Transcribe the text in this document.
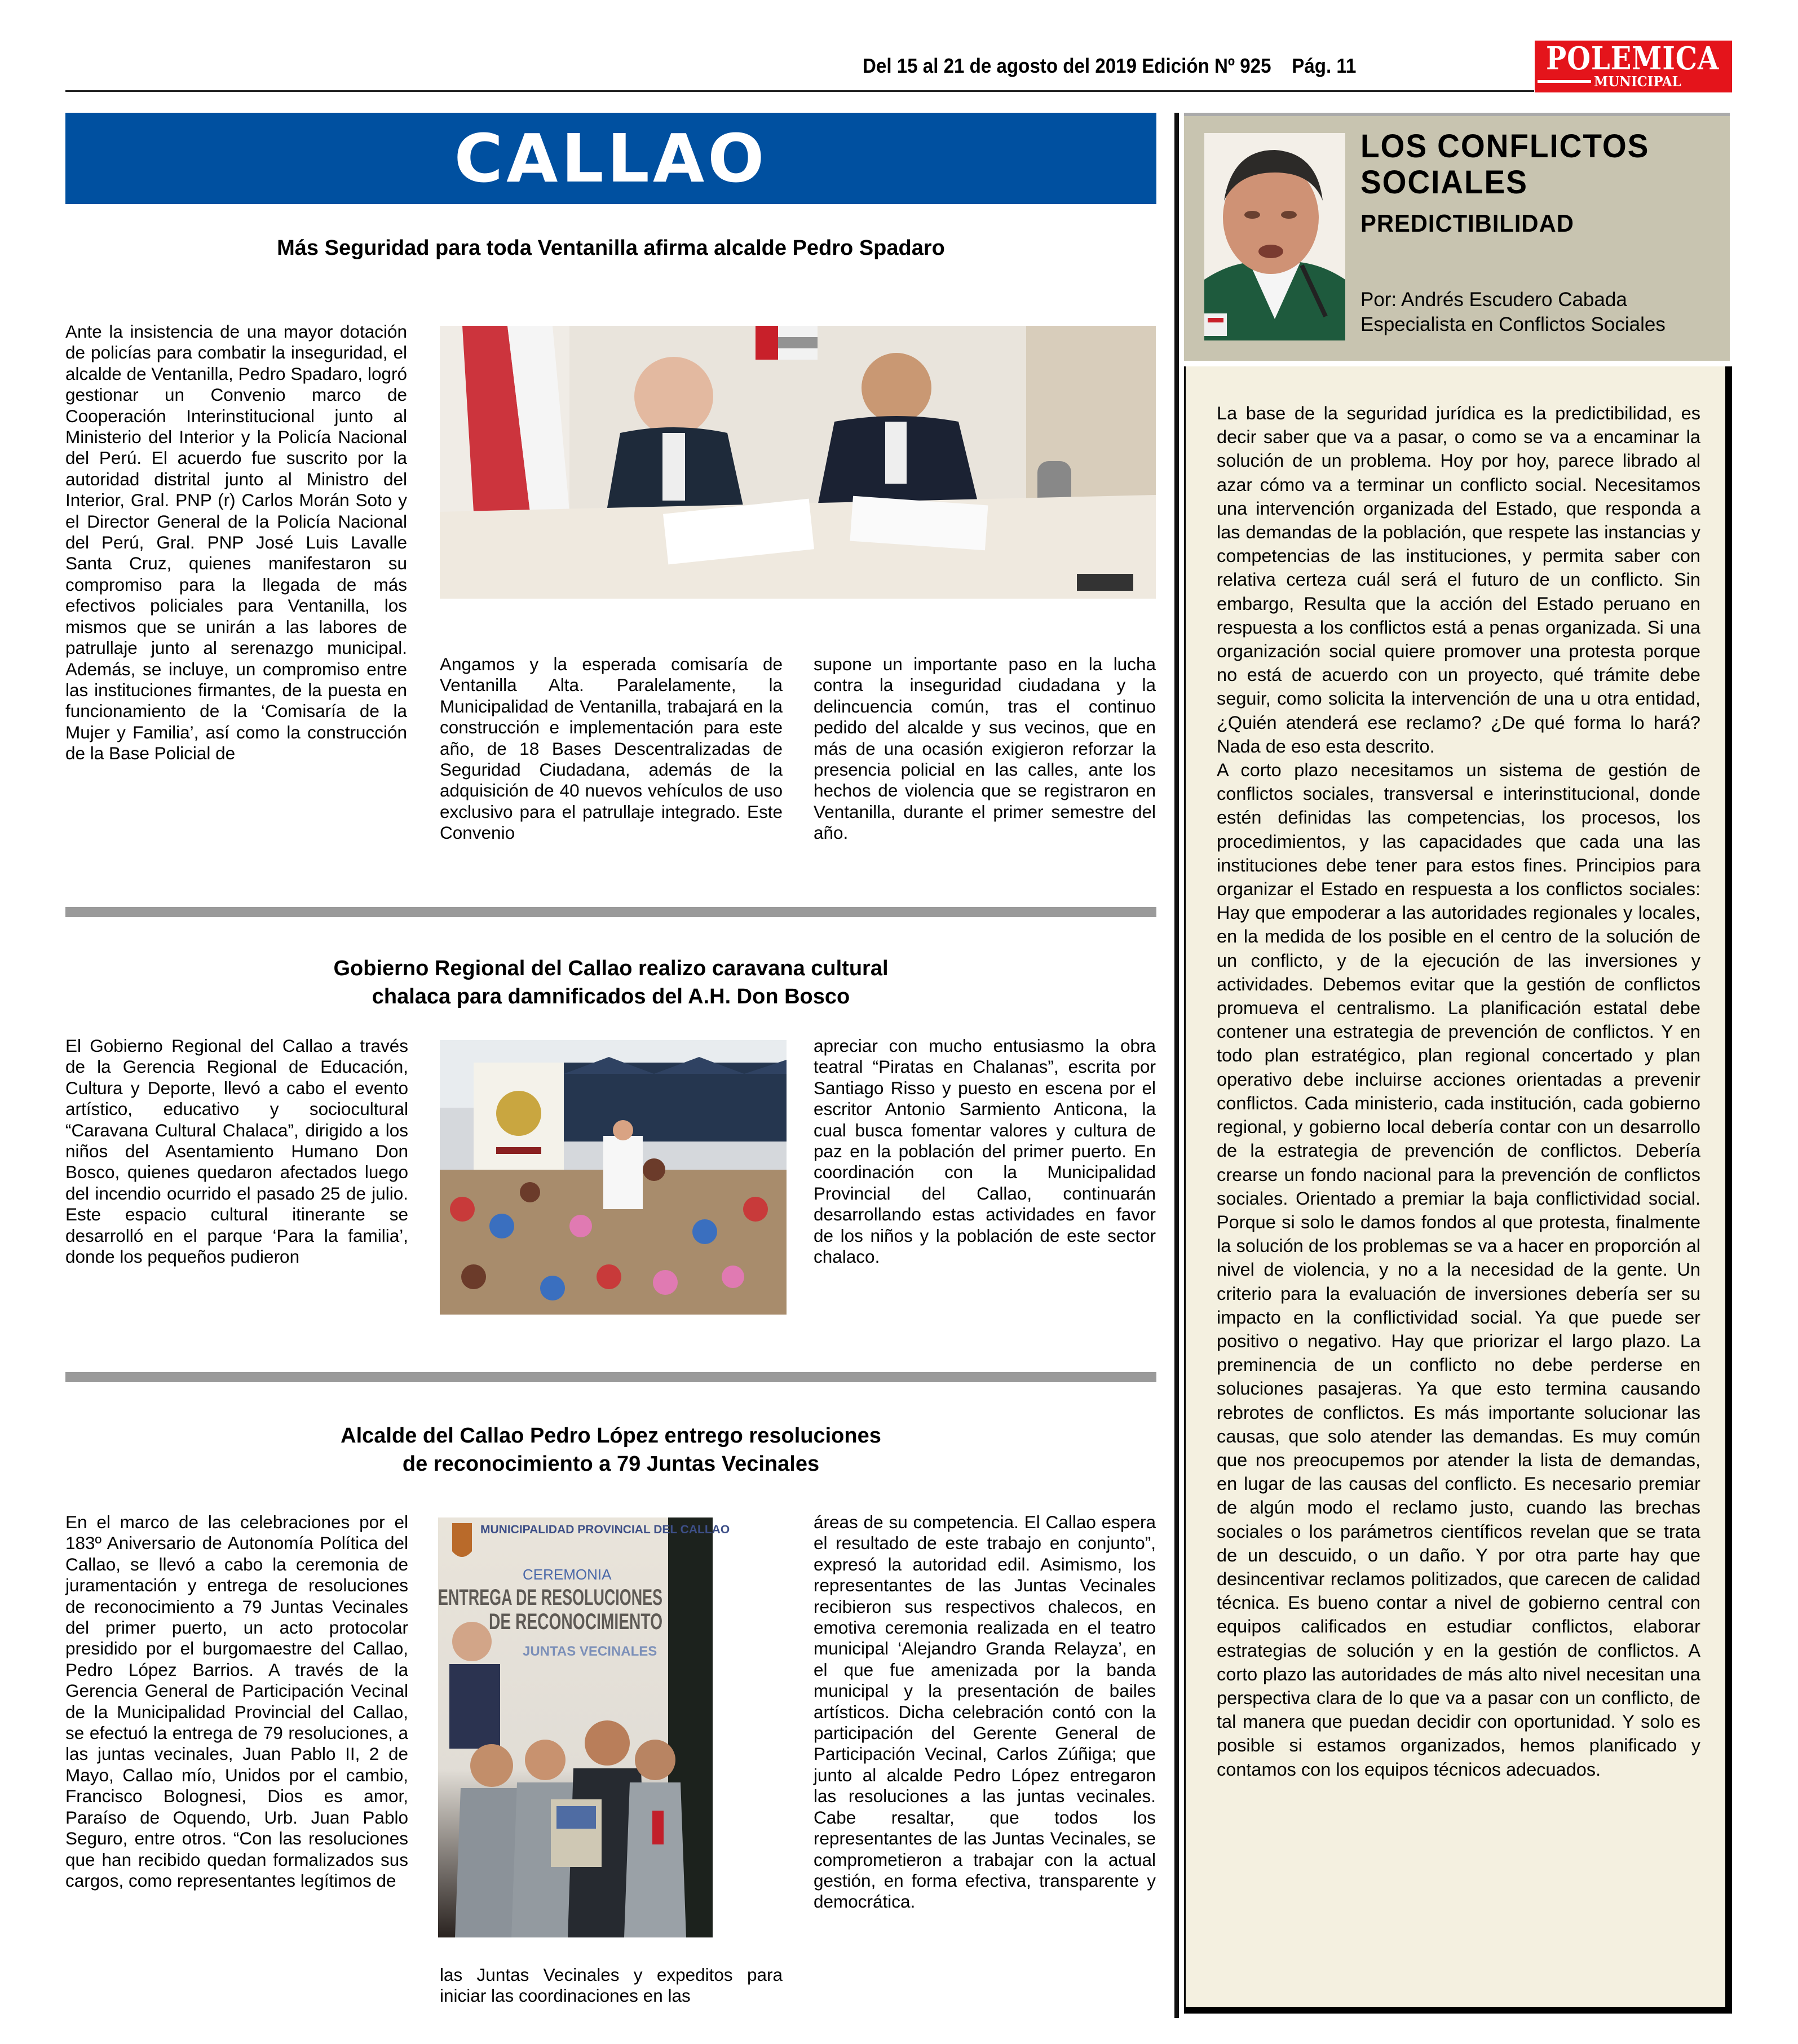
Del 15 al 21 de agosto del 2019 Edición Nº 925 Pág. 11	POLEMICA
MUNICIPAL
CALLAO
Más Seguridad para toda Ventanilla afirma alcalde Pedro Spadaro
Ante la insistencia de una mayor dotación de policías para combatir la inseguridad, el alcalde de Ventanilla, Pedro Spadaro, logró gestionar un Convenio marco de Cooperación Interinstitucional junto al Ministerio del Interior y la Policía Nacional del Perú. El acuerdo fue suscrito por la autoridad distrital junto al Ministro del Interior, Gral. PNP (r) Carlos Morán Soto y el Director General de la Policía Nacional del Perú, Gral. PNP José Luis Lavalle Santa Cruz, quienes manifestaron su compromiso para la llegada de más efectivos policiales para Ventanilla, los mismos que se unirán a las labores de patrullaje junto al serenazgo municipal. Además, se incluye, un compromiso entre las instituciones firmantes, de la puesta en funcionamiento de la ‘Comisaría de la Mujer y Familia’, así como la construcción de la Base Policial de
Angamos y la esperada comisaría de Ventanilla Alta. Paralelamente, la Municipalidad de Ventanilla, trabajará en la construcción e implementación para este año, de 18 Bases Descentralizadas de Seguridad Ciudadana, además de la adquisición de 40 nuevos vehículos de uso exclusivo para el patrullaje integrado. Este Convenio
supone un importante paso en la lucha contra la inseguridad ciudadana y la delincuencia común, tras el continuo pedido del alcalde y sus vecinos, que en más de una ocasión exigieron reforzar la presencia policial en las calles, ante los hechos de violencia que se registraron en Ventanilla, durante el primer semestre del año.
Gobierno Regional del Callao realizo caravana cultural
chalaca para damnificados del A.H. Don Bosco
El Gobierno Regional del Callao a través de la Gerencia Regional de Educación, Cultura y Deporte, llevó a cabo el evento artístico, educativo y sociocultural “Caravana Cultural Chalaca”, dirigido a los niños del Asentamiento Humano Don Bosco, quienes quedaron afectados luego del incendio ocurrido el pasado 25 de julio. Este espacio cultural itinerante se desarrolló en el parque ‘Para la familia’, donde los pequeños pudieron
apreciar con mucho entusiasmo la obra teatral “Piratas en Chalanas”, escrita por Santiago Risso y puesto en escena por el escritor Antonio Sarmiento Anticona, la cual busca fomentar valores y cultura de paz en la población del primer puerto. En coordinación con la Municipalidad Provincial del Callao, continuarán desarrollando estas actividades en favor de los niños y la población de este sector chalaco.
Alcalde del Callao Pedro López entrego resoluciones
de reconocimiento a 79 Juntas Vecinales
En el marco de las celebraciones por el 183º Aniversario de Autonomía Política del Callao, se llevó a cabo la ceremonia de juramentación y entrega de resoluciones de reconocimiento a 79 Juntas Vecinales del primer puerto, un acto protocolar presidido por el burgomaestre del Callao, Pedro López Barrios. A través de la Gerencia General de Participación Vecinal de la Municipalidad Provincial del Callao, se efectuó la entrega de 79 resoluciones, a las juntas vecinales, Juan Pablo II, 2 de Mayo, Callao mío, Unidos por el cambio, Francisco Bolognesi, Dios es amor, Paraíso de Oquendo, Urb. Juan Pablo Seguro, entre otros. “Con las resoluciones que han recibido quedan formalizados sus cargos, como representantes legítimos de
MUNICIPALIDAD PROVINCIAL DEL CALLAO
CEREMONIA
ENTREGA DE RESOLUCIONES
DE RECONOCIMIENTO
JUNTAS VECINALES
las Juntas Vecinales y expeditos para iniciar las coordinaciones en las
áreas de su competencia. El Callao espera el resultado de este trabajo en conjunto”, expresó la autoridad edil. Asimismo, los representantes de las Juntas Vecinales recibieron sus respectivos chalecos, en emotiva ceremonia realizada en el teatro municipal ‘Alejandro Granda Relayza’, en el que fue amenizada por la banda municipal y la presentación de bailes artísticos. Dicha celebración contó con la participación del Gerente General de Participación Vecinal, Carlos Zúñiga; que junto al alcalde Pedro López entregaron las resoluciones a las juntas vecinales. Cabe resaltar, que todos los representantes de las Juntas Vecinales, se comprometieron a trabajar con la actual gestión, en forma efectiva, transparente y democrática.
LOS CONFLICTOS
SOCIALES
PREDICTIBILIDAD
Por: Andrés Escudero Cabada
Especialista en Conflictos Sociales

La base de la seguridad jurídica es la predictibilidad, es decir saber que va a pasar, o como se va a encaminar la solución de un problema. Hoy por hoy, parece librado al azar cómo va a terminar un conflicto social. Necesitamos una intervención organizada del Estado, que responda a las demandas de la población, que respete las instancias y competencias de las instituciones, y permita saber con relativa certeza cuál será el futuro de un conflicto. Sin embargo, Resulta que la acción del Estado peruano en respuesta a los conflictos está a penas organizada. Si una organización social quiere promover una protesta porque no está de acuerdo con un proyecto, qué trámite debe seguir, como solicita la intervención de una u otra entidad, ¿Quién atenderá ese reclamo? ¿De qué forma lo hará? Nada de eso esta descrito.

A corto plazo necesitamos un sistema de gestión de conflictos sociales, transversal e interinstitucional, donde estén definidas las competencias, los procesos, los procedimientos, y las capacidades que cada una las instituciones debe tener para estos fines. Principios para organizar el Estado en respuesta a los conflictos sociales: Hay que empoderar a las autoridades regionales y locales, en la medida de los posible en el centro de la solución de un conflicto, y de la ejecución de las inversiones y actividades. Debemos evitar que la gestión de conflictos promueva el centralismo. La planificación estatal debe contener una estrategia de prevención de conflictos. Y en todo plan estratégico, plan regional concertado y plan operativo debe incluirse acciones orientadas a prevenir conflictos. Cada ministerio, cada institución, cada gobierno regional, y gobierno local debería contar con un desarrollo de la estrategia de prevención de conflictos. Debería crearse un fondo nacional para la prevención de conflictos sociales. Orientado a premiar la baja conflictividad social. Porque si solo le damos fondos al que protesta, finalmente la solución de los problemas se va a hacer en proporción al nivel de violencia, y no a la necesidad de la gente. Un criterio para la evaluación de inversiones debería ser su impacto en la conflictividad social. Ya que puede ser positivo o negativo. Hay que priorizar el largo plazo. La preminencia de un conflicto no debe perderse en soluciones pasajeras. Ya que esto termina causando rebrotes de conflictos. Es más importante solucionar las causas, que solo atender las demandas. Es muy común que nos preocupemos por atender la lista de demandas, en lugar de las causas del conflicto. Es necesario premiar de algún modo el reclamo justo, cuando las brechas sociales o los parámetros científicos revelan que se trata de un descuido, o un daño. Y por otra parte hay que desincentivar reclamos politizados, que carecen de calidad técnica. Es bueno contar a nivel de gobierno central con equipos calificados en estudiar conflictos, elaborar estrategias de solución y en la gestión de conflictos. A corto plazo las autoridades de más alto nivel necesitan una perspectiva clara de lo que va a pasar con un conflicto, de tal manera que puedan decidir con oportunidad. Y solo es posible si estamos organizados, hemos planificado y contamos con los equipos técnicos adecuados.
